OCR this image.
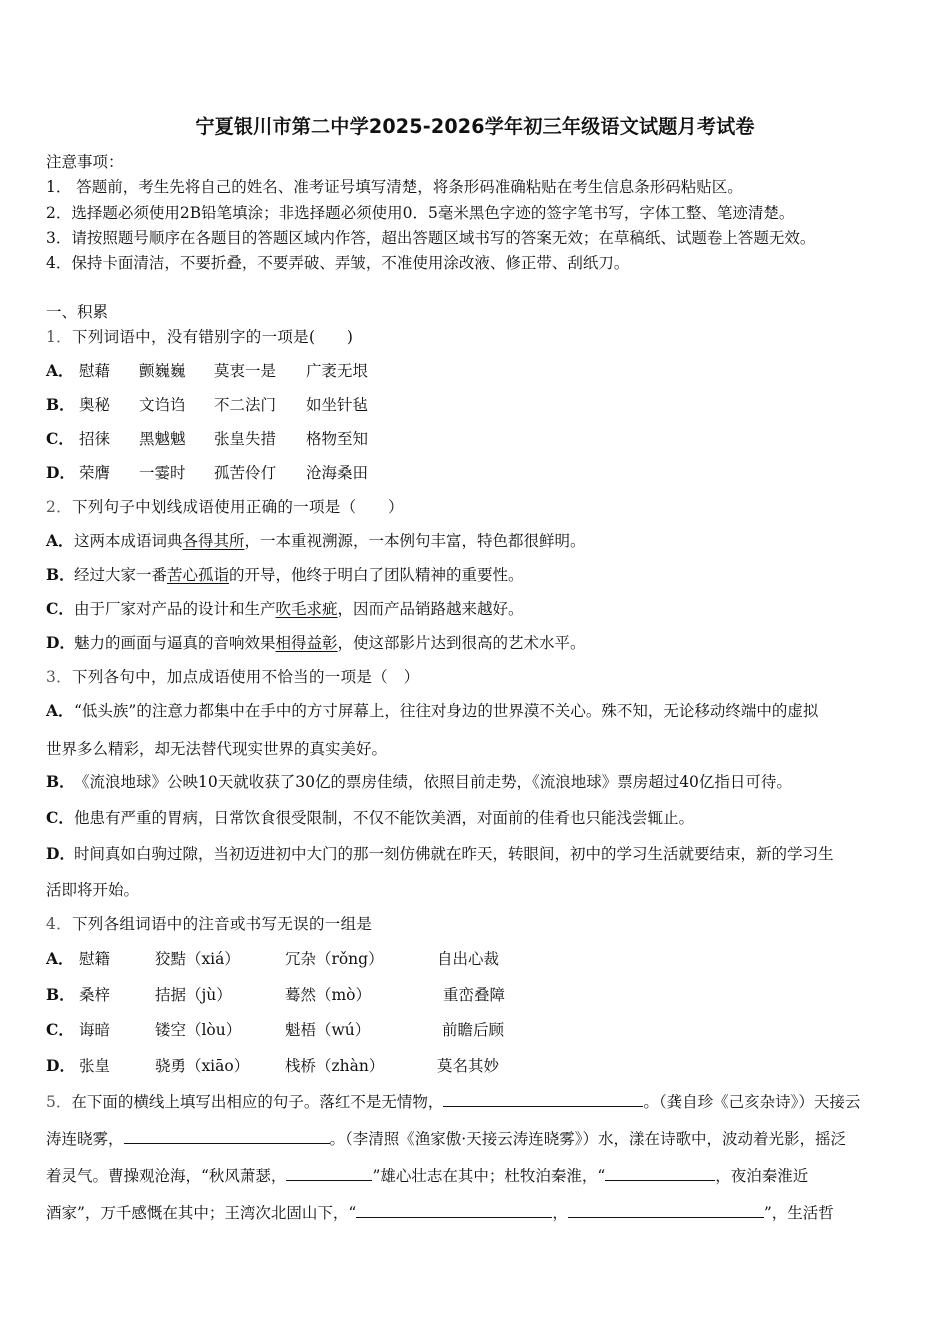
宁夏银川市第二中学2025-2026学年初三年级语文试题月考试卷
注意事项：
1． 答题前，考生先将自己的姓名、准考证号填写清楚，将条形码准确粘贴在考生信息条形码粘贴区。
2．选择题必须使用2B铅笔填涂；非选择题必须使用0．5毫米黑色字迹的签字笔书写，字体工整、笔迹清楚。
3．请按照题号顺序在各题目的答题区域内作答，超出答题区域书写的答案无效；在草稿纸、试题卷上答题无效。
4．保持卡面清洁，不要折叠，不要弄破、弄皱，不准使用涂改液、修正带、刮纸刀。
一、积累
1．下列词语中，没有错别字的一项是(　　)
A． 慰藉 颤巍巍 莫衷一是 广袤无垠
B． 奥秘 文诌诌 不二法门 如坐针毡
C． 招徕 黑魆魆 张皇失措 格物至知
D． 荣膺 一霎时 孤苦伶仃 沧海桑田
2．下列句子中划线成语使用正确的一项是（　　）
A．这两本成语词典各得其所，一本重视溯源，一本例句丰富，特色都很鲜明。
B．经过大家一番苦心孤诣的开导，他终于明白了团队精神的重要性。
C．由于厂家对产品的设计和生产吹毛求疵，因而产品销路越来越好。
D．魅力的画面与逼真的音响效果相得益彰，使这部影片达到很高的艺术水平。
3．下列各句中，加点成语使用不恰当的一项是（　）
A．“低头族”的注意力都集中在手中的方寸屏幕上，往往对身边的世界漠不关心。殊不知，无论移动终端中的虚拟
世界多么精彩，却无法替代现实世界的真实美好。
B．《流浪地球》公映10天就收获了30亿的票房佳绩，依照目前走势，《流浪地球》票房超过40亿指日可待。
C．他患有严重的胃病，日常饮食很受限制，不仅不能饮美酒，对面前的佳肴也只能浅尝辄止。
D．时间真如白驹过隙，当初迈进初中大门的那一刻仿佛就在昨天，转眼间，初中的学习生活就要结束，新的学习生
活即将开始。
4．下列各组词语中的注音或书写无误的一组是
A． 慰籍	狡黠（xiá）	冗杂（rǒng）	自出心裁
B． 桑梓	拮据（jù）	蓦然（mò）	重峦叠障
C． 诲暗	镂空（lòu）	魁梧（wú）	前瞻后顾
D． 张皇	骁勇（xiāo） 栈桥（zhàn）	莫名其妙
5．在下面的横线上填写出相应的句子。落红不是无情物，	。（龚自珍《己亥杂诗》）天接云
涛连晓雾，	。（李清照《渔家傲·天接云涛连晓雾》）水，漾在诗歌中，波动着光影，摇泛
着灵气。曹操观沧海，“秋风萧瑟，	”雄心壮志在其中；杜牧泊秦淮，“	，夜泊秦淮近
酒家”，万千感慨在其中；王湾次北固山下，“	，	”，生活哲
